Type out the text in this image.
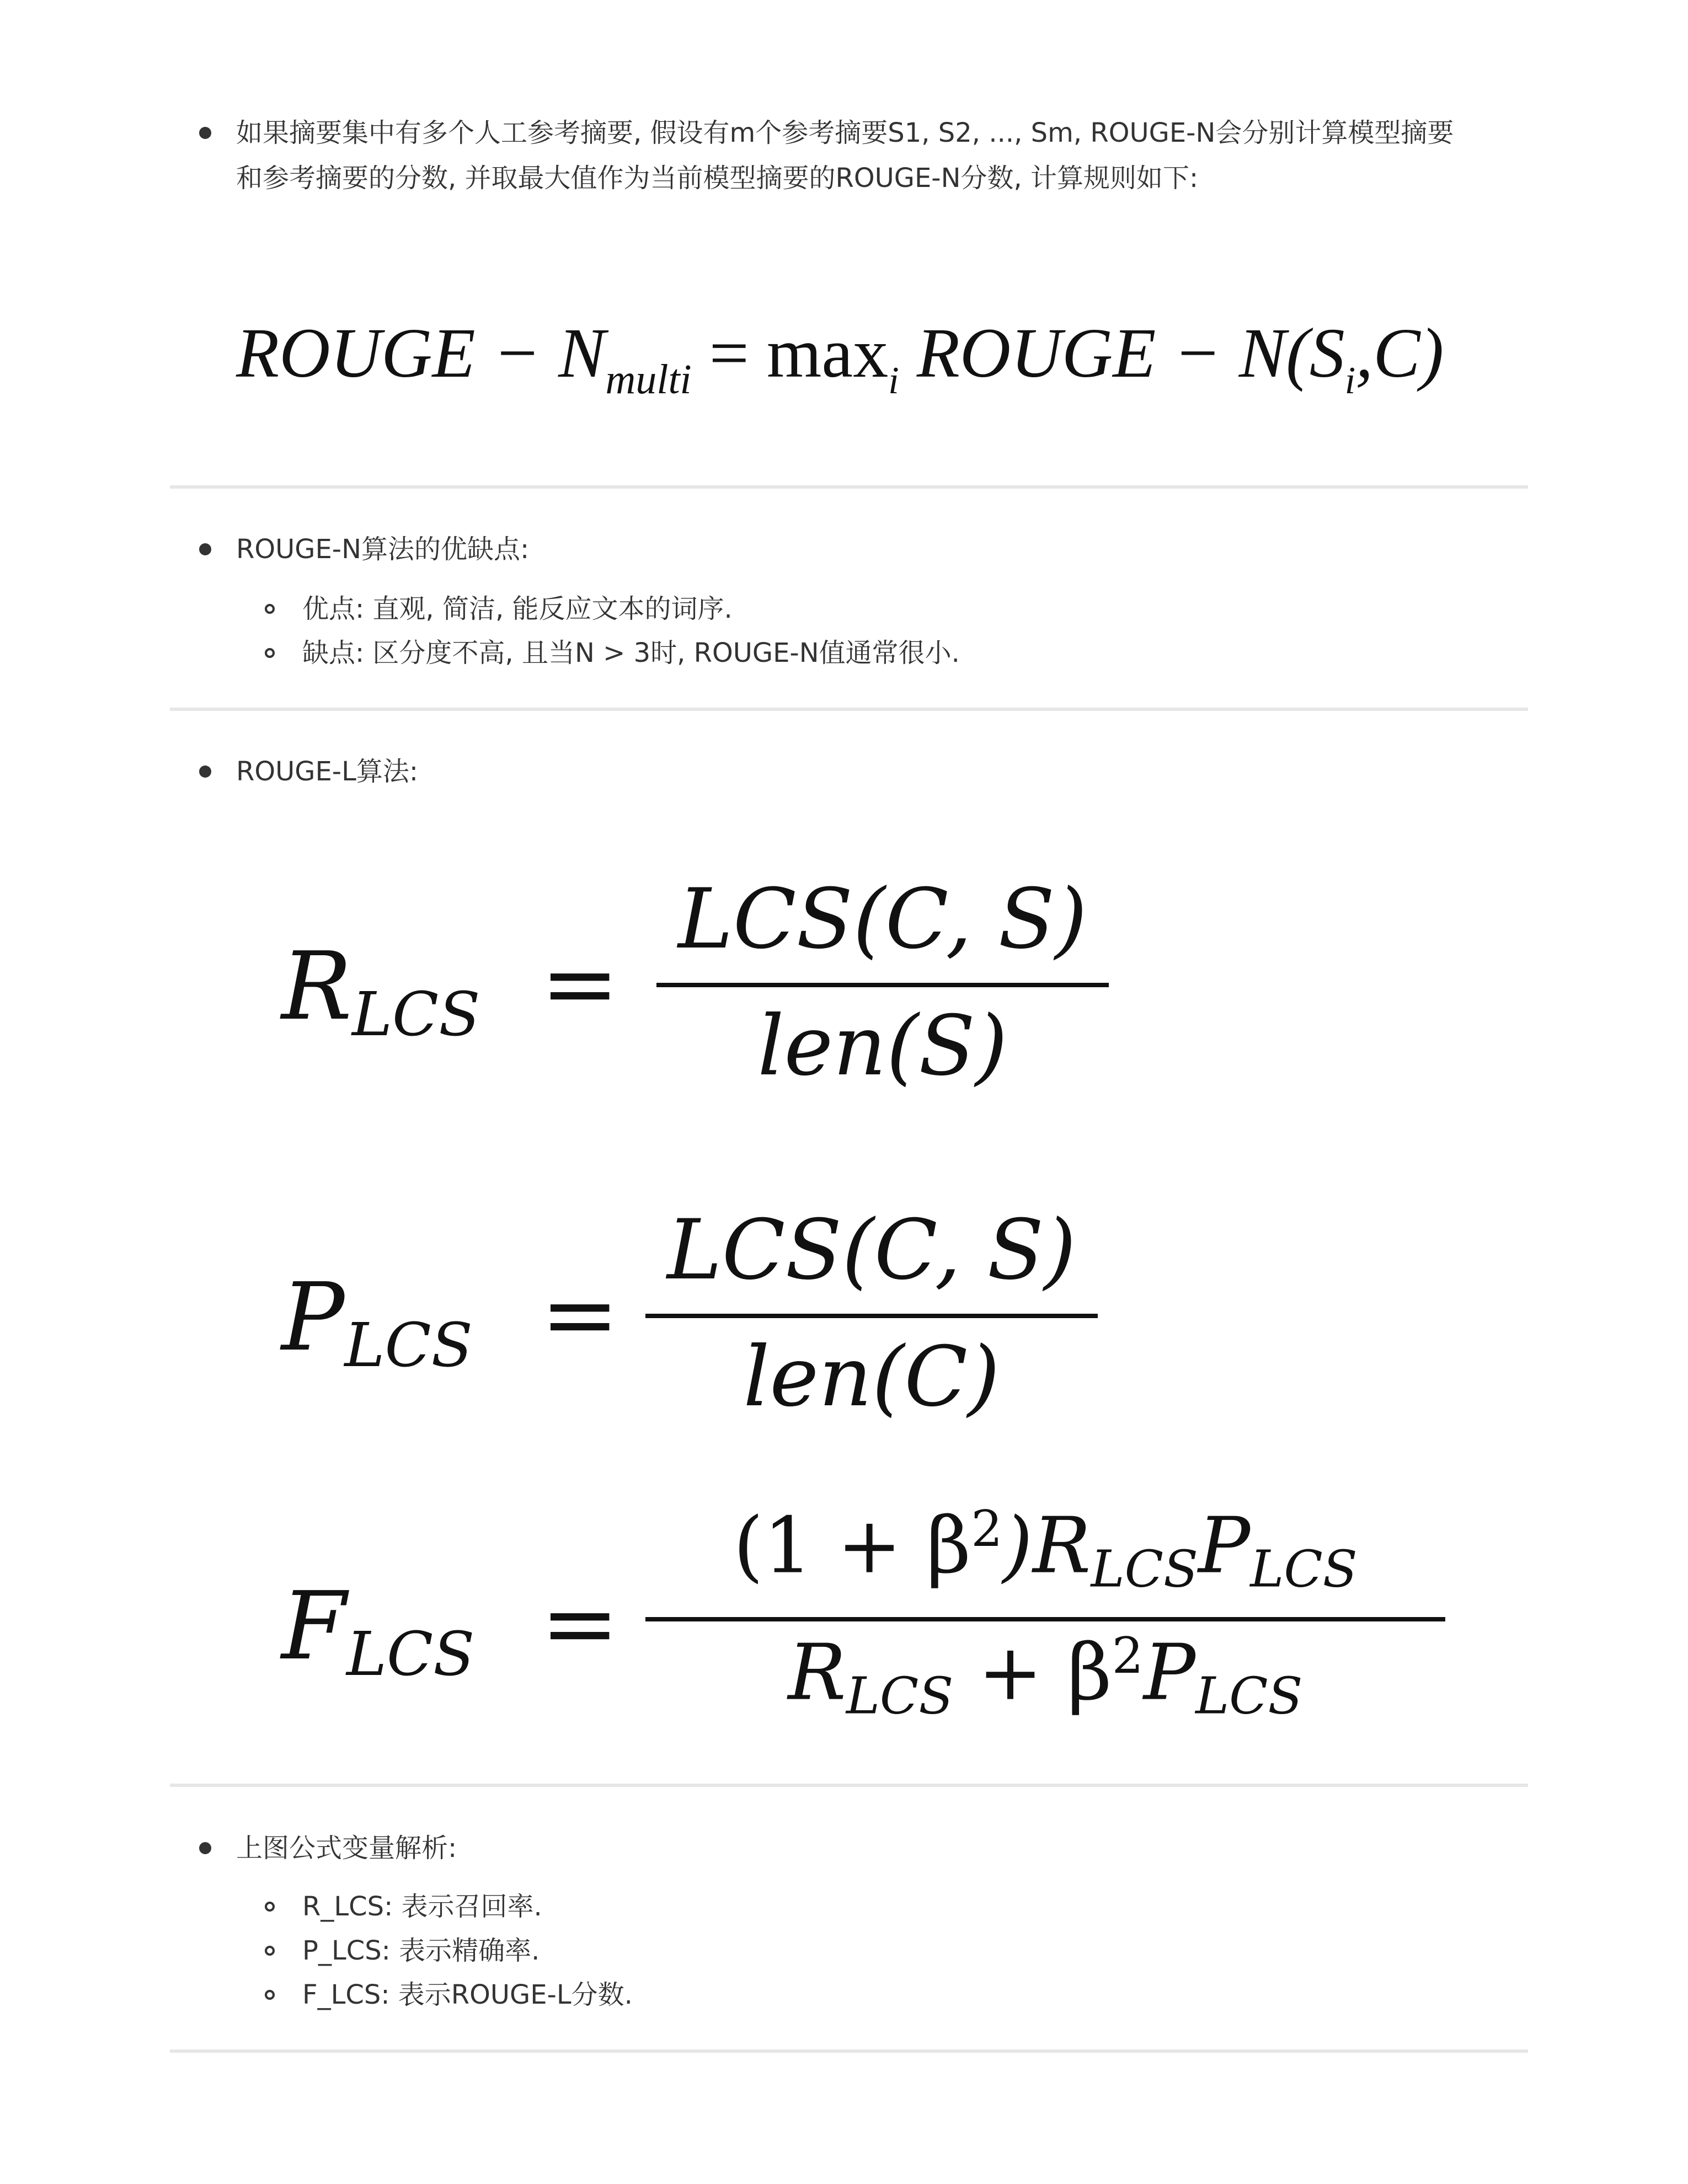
如果摘要集中有多个人工参考摘要, 假设有m个参考摘要S1, S2, ..., Sm, ROUGE-N会分别计算模型摘要
和参考摘要的分数, 并取最大值作为当前模型摘要的ROUGE-N分数, 计算规则如下:
ROUGE − $N_{multi} = \max_i$ ROUGE − $N(S_i,C)$
ROUGE-N算法的优缺点:
优点: 直观, 简洁, 能反应文本的词序.
缺点: 区分度不高, 且当N > 3时, ROUGE-N值通常很小.
ROUGE-L算法:
RLCS =
LCS(C, S)
len(S)
PLCS =
LCS(C, S)
len(C)
FLCS =
$(1 + \beta^2)RLCSPLCS$
RLCS + $\beta^2PLCS$
上图公式变量解析:
R_LCS: 表示召回率.
P_LCS: 表示精确率.
F_LCS: 表示ROUGE-L分数.
